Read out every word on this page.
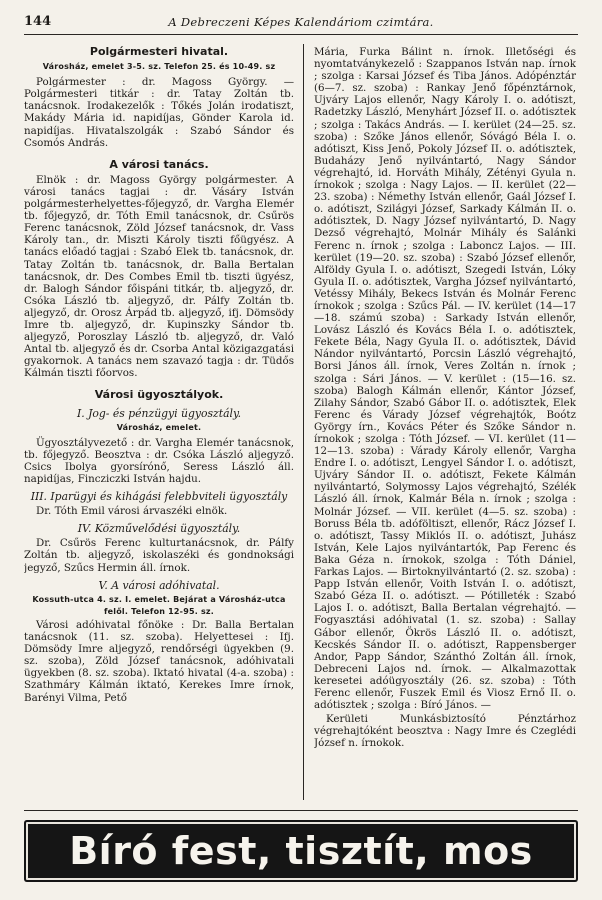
144	A Debreczeni Képes Kalendáriom czimtára.
Polgármesteri hivatal.
Városház, emelet 3-5. sz. Telefon 25. és 10-49. sz

Polgármester : dr. Magoss György. — Polgármesteri titkár : dr. Tatay Zoltán tb. tanácsnok. Irodakezelők : Tőkés Jolán irodatiszt, Makády Mária id. napidíjas, Gönder Karola id. napidíjas. Hivatalszolgák : Szabó Sándor és Csomós András.

A városi tanács.

Elnök : dr. Magoss György polgármester. A városi tanács tagjai : dr. Vásáry István polgármesterhelyettes-főjegyző, dr. Vargha Elemér tb. főjegyző, dr. Tóth Emil tanácsnok, dr. Csűrös Ferenc tanácsnok, Zöld József tanácsnok, dr. Vass Károly tan., dr. Miszti Károly tiszti főügyész. A tanács előadó tagjai : Szabó Elek tb. tanácsnok, dr. Tatay Zoltán tb. tanácsnok, dr. Balla Bertalan tanácsnok, dr. Des Combes Emil tb. tiszti ügyész, dr. Balogh Sándor főispáni titkár, tb. aljegyző, dr. Csóka László tb. aljegyző, dr. Pálfy Zoltán tb. aljegyző, dr. Orosz Árpád tb. aljegyző, ifj. Dömsödy Imre tb. aljegyző, dr. Kupinszky Sándor tb. aljegyző, Poroszlay László tb. aljegyző, dr. Való Antal tb. aljegyző és dr. Csorba Antal közigazgatási gyakornok. A tanács nem szavazó tagja : dr. Tüdős Kálmán tiszti főorvos.

Városi ügyosztályok.
I. Jog- és pénzügyi ügyosztály.
Városház, emelet.

Ügyosztályvezető : dr. Vargha Elemér tanácsnok, tb. főjegyző. Beosztva : dr. Csóka László aljegyző. Csics Ibolya gyorsírónő, Seress László áll. napidíjas, Fincziczki István hajdu.

III. Iparügyi és kihágási felebbviteli ügyosztály

Dr. Tóth Emil városi árvaszéki elnök.

IV. Közművelődési ügyosztály.

Dr. Csűrös Ferenc kulturtanácsnok, dr. Pálfy Zoltán tb. aljegyző, iskolaszéki és gondnoksági jegyző, Szűcs Hermin áll. írnok.

V. A városi adóhivatal.
Kossuth-utca 4. sz. I. emelet. Bejárat a Városház-utca felől. Telefon 12-95. sz.

Városi adóhivatal főnöke : Dr. Balla Bertalan tanácsnok (11. sz. szoba). Helyettesei : Ifj. Dömsödy Imre aljegyző, rendőrségi ügyekben (9. sz. szoba), Zöld József tanácsnok, adóhivatali ügyekben (8. sz. szoba). Iktató hivatal (4-a. szoba) : Szathmáry Kálmán iktató, Kerekes Imre írnok, Barényi Vilma, Pető

Mária, Furka Bálint n. írnok. Illetőségi és nyomtatványkezelő : Szappanos István nap. írnok ; szolga : Karsai József és Tiba János. Adópénztár (6—7. sz. szoba) : Rankay Jenő főpénztárnok, Ujváry Lajos ellenőr, Nagy Károly I. o. adótiszt, Radetzky László, Menyhárt József II. o. adótisztek ; szolga : Takács András. — I. kerület (24—25. sz. szoba) : Szőke János ellenőr, Sóvágó Béla I. o. adótiszt, Kiss Jenő, Pokoly József II. o. adótisztek, Budaházy Jenő nyilvántartó, Nagy Sándor végrehajtó, id. Horváth Mihály, Zétényi Gyula n. írnokok ; szolga : Nagy Lajos. — II. kerület (22—23. szoba) : Némethy István ellenőr, Gaál József I. o. adótiszt, Szilágyi József, Sarkady Kálmán II. o. adótisztek, D. Nagy József nyilvántartó, D. Nagy Dezső végrehajtó, Molnár Mihály és Salánki Ferenc n. írnok ; szolga : Laboncz Lajos. — III. kerület (19—20. sz. szoba) : Szabó József ellenőr, Alföldy Gyula I. o. adótiszt, Szegedi István, Lóky Gyula II. o. adótisztek, Vargha József nyilvántartó, Vetéssy Mihály, Bekecs István és Molnár Ferenc írnokok ; szolga : Szűcs Pál. — IV. kerület (14—17—18. számú szoba) : Sarkady István ellenőr, Lovász László és Kovács Béla I. o. adótisztek, Fekete Béla, Nagy Gyula II. o. adótisztek, Dávid Nándor nyilvántartó, Porcsin László végrehajtó, Borsi János áll. írnok, Veres Zoltán n. írnok ; szolga : Sári János. — V. kerület : (15—16. sz. szoba) Balogh Kálmán ellenőr, Kántor József, Zilahy Sándor, Szabó Gábor II. o. adótisztek, Elek Ferenc és Várady József végrehajtók, Boótz György írn., Kovács Péter és Szőke Sándor n. írnokok ; szolga : Tóth József. — VI. kerület (11—12—13. szoba) : Várady Károly ellenőr, Vargha Endre I. o. adótiszt, Lengyel Sándor I. o. adótiszt, Ujváry Sándor II. o. adótiszt, Fekete Kálmán nyilvántartó, Solymossy Lajos végrehajtó, Szélék László áll. írnok, Kalmár Béla n. írnok ; szolga : Molnár József. — VII. kerület (4—5. sz. szoba) : Boruss Béla tb. adóföltiszt, ellenőr, Rácz József I. o. adótiszt, Tassy Miklós II. o. adótiszt, Juhász István, Kele Lajos nyilvántartók, Pap Ferenc és Baka Géza n. írnokok, szolga : Tóth Dániel, Farkas Lajos. — Birtoknyilvántartó (2. sz. szoba) : Papp István ellenőr, Voith István I. o. adótiszt, Szabó Géza II. o. adótiszt. — Pótilleték : Szabó Lajos I. o. adótiszt, Balla Bertalan végrehajtó. — Fogyasztási adóhivatal (1. sz. szoba) : Sallay Gábor ellenőr, Ökrös László II. o. adótiszt, Kecskés Sándor II. o. adótiszt, Rappensberger Andor, Papp Sándor, Szánthó Zoltán áll. írnok, Debreceni Lajos nd. írnok. — Alkalmazottak keresetei adóügyosztály (26. sz. szoba) : Tóth Ferenc ellenőr, Fuszek Emil és Viosz Ernő II. o. adótisztek ; szolga : Bíró János. —

Kerületi Munkásbiztosító Pénztárhoz végrehajtóként beosztva : Nagy Imre és Czeglédi József n. írnokok.

Bíró fest, tisztít, mos
